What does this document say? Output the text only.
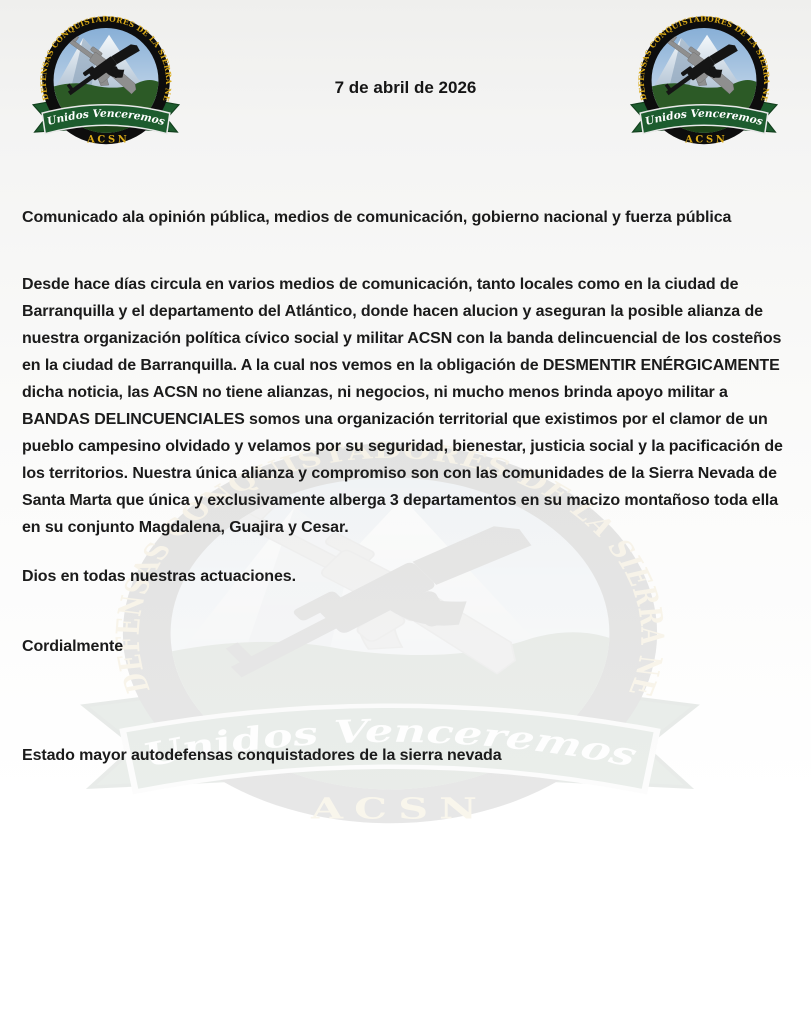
7 de abril de 2026
Comunicado ala opinión pública, medios de comunicación, gobierno nacional y fuerza pública
Desde hace días circula en varios medios de comunicación, tanto locales como en la ciudad de Barranquilla y el departamento del Atlántico, donde hacen alucion y aseguran la posible alianza de nuestra organización política cívico social y militar ACSN con la banda delincuencial de los costeños en la ciudad de Barranquilla. A la cual nos vemos en la obligación de DESMENTIR ENÉRGICAMENTE dicha noticia, las ACSN no tiene alianzas, ni negocios, ni mucho menos brinda apoyo militar a BANDAS DELINCUENCIALES somos una organización territorial que existimos por el clamor de un pueblo campesino olvidado y velamos por su seguridad, bienestar, justicia social y la pacificación de los territorios. Nuestra única alianza y compromiso son con las comunidades de la Sierra Nevada de Santa Marta que única y exclusivamente alberga 3 departamentos en su macizo montañoso toda ella en su conjunto Magdalena, Guajira y Cesar.
Dios en todas nuestras actuaciones.
Cordialmente
Estado mayor autodefensas conquistadores de la sierra nevada
